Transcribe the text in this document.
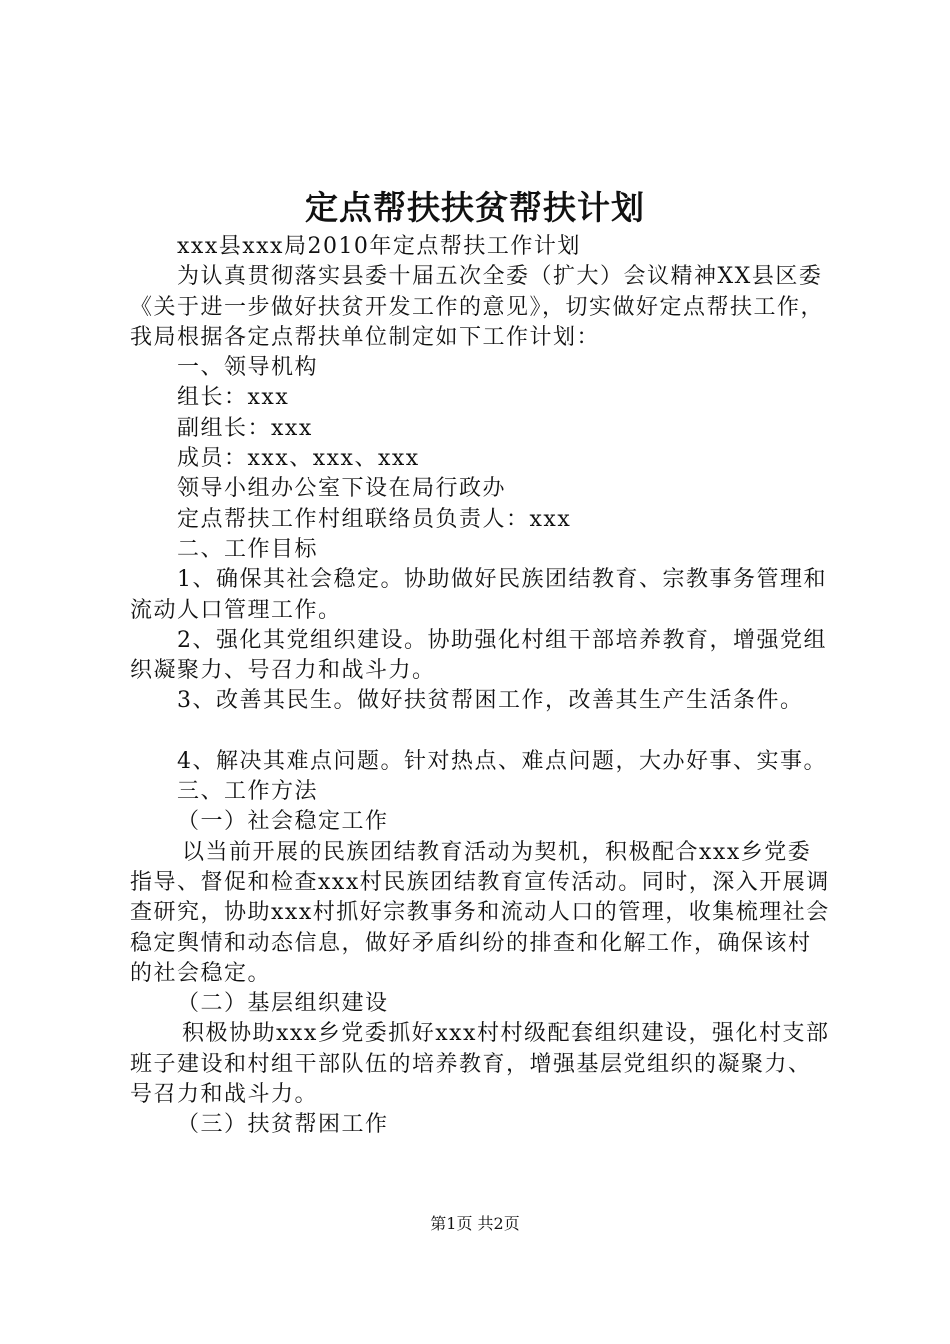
定点帮扶扶贫帮扶计划

xxx县xxx局2010年定点帮扶工作计划

为认真贯彻落实县委十届五次全委（扩大）会议精神XX县区委《关于进一步做好扶贫开发工作的意见》，切实做好定点帮扶工作，我局根据各定点帮扶单位制定如下工作计划：

一、领导机构

组长：xxx

副组长：xxx

成员：xxx、xxx、xxx

领导小组办公室下设在局行政办

定点帮扶工作村组联络员负责人：xxx

二、工作目标

1、确保其社会稳定。协助做好民族团结教育、宗教事务管理和流动人口管理工作。

2、强化其党组织建设。协助强化村组干部培养教育，增强党组织凝聚力、号召力和战斗力。

3、改善其民生。做好扶贫帮困工作，改善其生产生活条件。

4、解决其难点问题。针对热点、难点问题，大办好事、实事。

三、工作方法

（一）社会稳定工作

以当前开展的民族团结教育活动为契机，积极配合xxx乡党委指导、督促和检查xxx村民族团结教育宣传活动。同时，深入开展调查研究，协助xxx村抓好宗教事务和流动人口的管理，收集梳理社会稳定舆情和动态信息，做好矛盾纠纷的排查和化解工作，确保该村的社会稳定。

（二）基层组织建设

积极协助xxx乡党委抓好xxx村村级配套组织建设，强化村支部班子建设和村组干部队伍的培养教育，增强基层党组织的凝聚力、号召力和战斗力。

（三）扶贫帮困工作

第1页 共2页
